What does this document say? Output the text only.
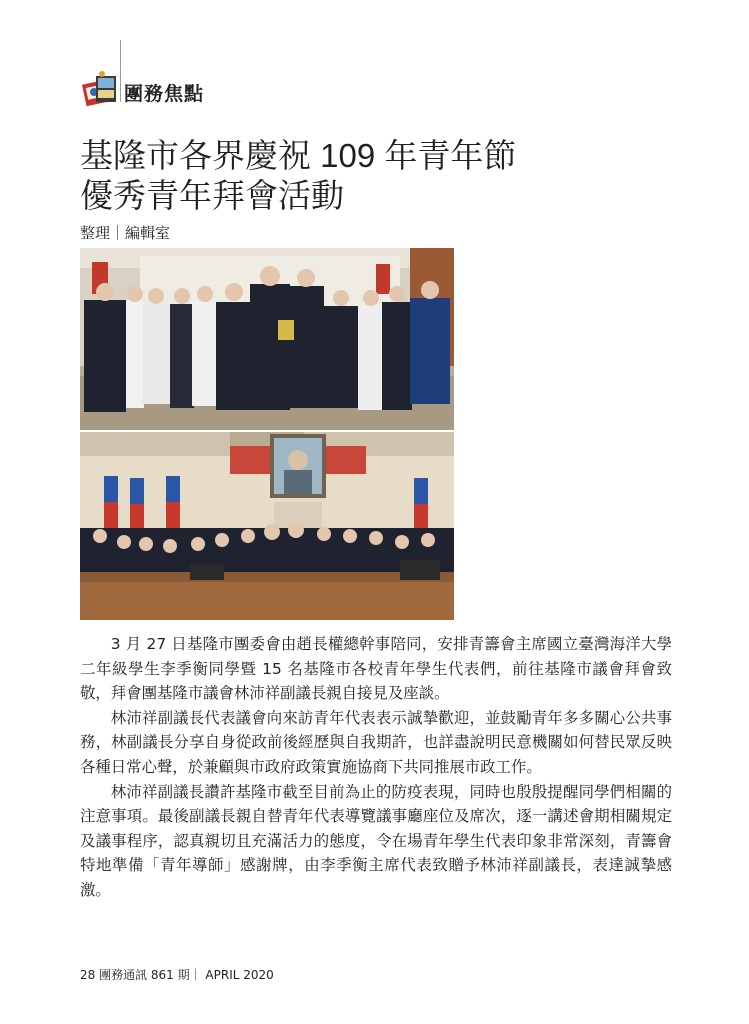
團務焦點
基隆市各界慶祝 109 年青年節
優秀青年拜會活動
整理｜編輯室

3 月 27 日基隆市團委會由趙長權總幹事陪同，安排青籌會主席國立臺灣海洋大學二年級學生李季衡同學暨 15 名基隆市各校青年學生代表們，前往基隆市議會拜會致敬，拜會團基隆市議會林沛祥副議長親自接見及座談。

林沛祥副議長代表議會向來訪青年代表表示誠摯歡迎，並鼓勵青年多多關心公共事務，林副議長分享自身從政前後經歷與自我期許，也詳盡說明民意機關如何替民眾反映各種日常心聲，於兼顧與市政府政策實施協商下共同推展市政工作。

林沛祥副議長讚許基隆市截至目前為止的防疫表現，同時也殷殷提醒同學們相關的注意事項。最後副議長親自替青年代表導覽議事廳座位及席次，逐一講述會期相關規定及議事程序，認真親切且充滿活力的態度，令在場青年學生代表印象非常深刻，青籌會特地準備「青年導師」感謝牌，由李季衡主席代表致贈予林沛祥副議長，表達誠摯感激。

28 團務通訊 861 期｜ APRIL 2020
